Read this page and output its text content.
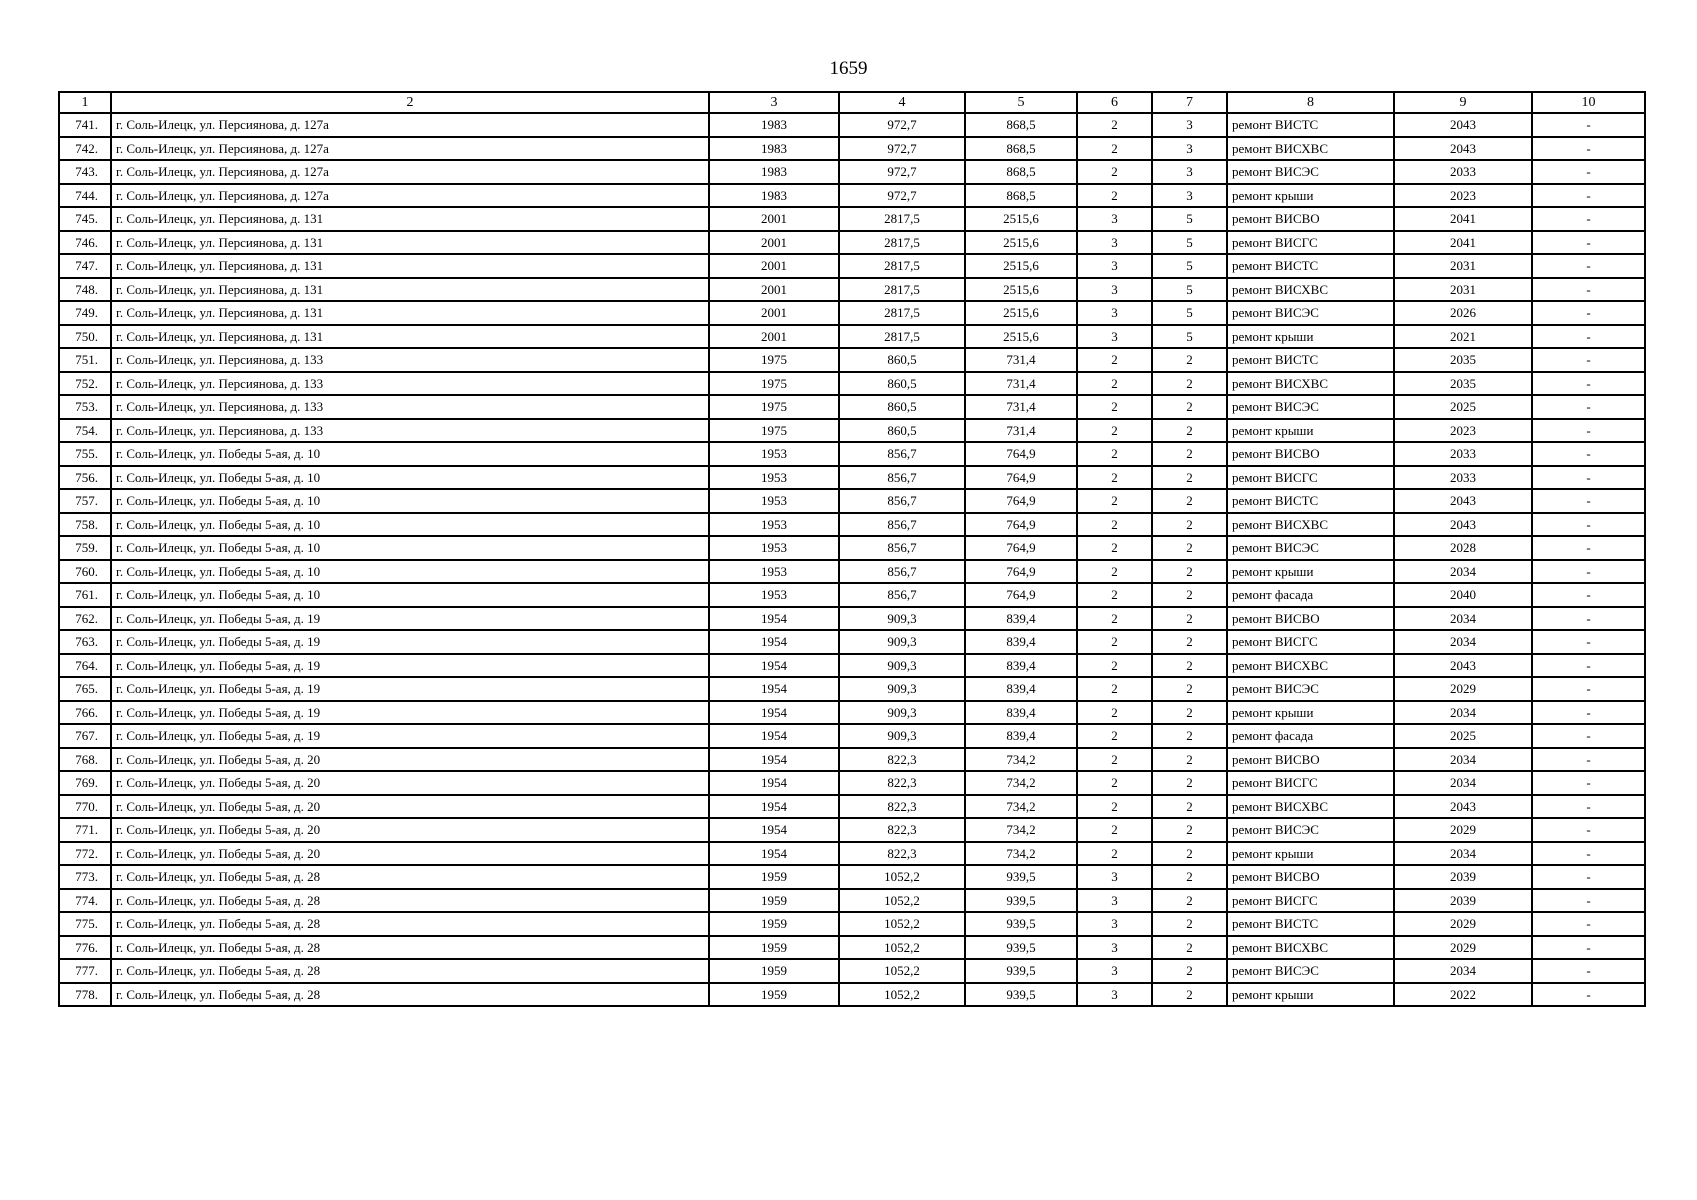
1659
1	2	3	4	5	6	7	8	9	10
741.	г. Соль-Илецк, ул. Персиянова, д. 127а	1983	972,7	868,5	2	3	ремонт ВИСТС	2043	-
742.	г. Соль-Илецк, ул. Персиянова, д. 127а	1983	972,7	868,5	2	3	ремонт ВИСХВС	2043	-
743.	г. Соль-Илецк, ул. Персиянова, д. 127а	1983	972,7	868,5	2	3	ремонт ВИСЭС	2033	-
744.	г. Соль-Илецк, ул. Персиянова, д. 127а	1983	972,7	868,5	2	3	ремонт крыши	2023	-
745.	г. Соль-Илецк, ул. Персиянова, д. 131	2001	2817,5	2515,6	3	5	ремонт ВИСВО	2041	-
746.	г. Соль-Илецк, ул. Персиянова, д. 131	2001	2817,5	2515,6	3	5	ремонт ВИСГС	2041	-
747.	г. Соль-Илецк, ул. Персиянова, д. 131	2001	2817,5	2515,6	3	5	ремонт ВИСТС	2031	-
748.	г. Соль-Илецк, ул. Персиянова, д. 131	2001	2817,5	2515,6	3	5	ремонт ВИСХВС	2031	-
749.	г. Соль-Илецк, ул. Персиянова, д. 131	2001	2817,5	2515,6	3	5	ремонт ВИСЭС	2026	-
750.	г. Соль-Илецк, ул. Персиянова, д. 131	2001	2817,5	2515,6	3	5	ремонт крыши	2021	-
751.	г. Соль-Илецк, ул. Персиянова, д. 133	1975	860,5	731,4	2	2	ремонт ВИСТС	2035	-
752.	г. Соль-Илецк, ул. Персиянова, д. 133	1975	860,5	731,4	2	2	ремонт ВИСХВС	2035	-
753.	г. Соль-Илецк, ул. Персиянова, д. 133	1975	860,5	731,4	2	2	ремонт ВИСЭС	2025	-
754.	г. Соль-Илецк, ул. Персиянова, д. 133	1975	860,5	731,4	2	2	ремонт крыши	2023	-
755.	г. Соль-Илецк, ул. Победы 5-ая, д. 10	1953	856,7	764,9	2	2	ремонт ВИСВО	2033	-
756.	г. Соль-Илецк, ул. Победы 5-ая, д. 10	1953	856,7	764,9	2	2	ремонт ВИСГС	2033	-
757.	г. Соль-Илецк, ул. Победы 5-ая, д. 10	1953	856,7	764,9	2	2	ремонт ВИСТС	2043	-
758.	г. Соль-Илецк, ул. Победы 5-ая, д. 10	1953	856,7	764,9	2	2	ремонт ВИСХВС	2043	-
759.	г. Соль-Илецк, ул. Победы 5-ая, д. 10	1953	856,7	764,9	2	2	ремонт ВИСЭС	2028	-
760.	г. Соль-Илецк, ул. Победы 5-ая, д. 10	1953	856,7	764,9	2	2	ремонт крыши	2034	-
761.	г. Соль-Илецк, ул. Победы 5-ая, д. 10	1953	856,7	764,9	2	2	ремонт фасада	2040	-
762.	г. Соль-Илецк, ул. Победы 5-ая, д. 19	1954	909,3	839,4	2	2	ремонт ВИСВО	2034	-
763.	г. Соль-Илецк, ул. Победы 5-ая, д. 19	1954	909,3	839,4	2	2	ремонт ВИСГС	2034	-
764.	г. Соль-Илецк, ул. Победы 5-ая, д. 19	1954	909,3	839,4	2	2	ремонт ВИСХВС	2043	-
765.	г. Соль-Илецк, ул. Победы 5-ая, д. 19	1954	909,3	839,4	2	2	ремонт ВИСЭС	2029	-
766.	г. Соль-Илецк, ул. Победы 5-ая, д. 19	1954	909,3	839,4	2	2	ремонт крыши	2034	-
767.	г. Соль-Илецк, ул. Победы 5-ая, д. 19	1954	909,3	839,4	2	2	ремонт фасада	2025	-
768.	г. Соль-Илецк, ул. Победы 5-ая, д. 20	1954	822,3	734,2	2	2	ремонт ВИСВО	2034	-
769.	г. Соль-Илецк, ул. Победы 5-ая, д. 20	1954	822,3	734,2	2	2	ремонт ВИСГС	2034	-
770.	г. Соль-Илецк, ул. Победы 5-ая, д. 20	1954	822,3	734,2	2	2	ремонт ВИСХВС	2043	-
771.	г. Соль-Илецк, ул. Победы 5-ая, д. 20	1954	822,3	734,2	2	2	ремонт ВИСЭС	2029	-
772.	г. Соль-Илецк, ул. Победы 5-ая, д. 20	1954	822,3	734,2	2	2	ремонт крыши	2034	-
773.	г. Соль-Илецк, ул. Победы 5-ая, д. 28	1959	1052,2	939,5	3	2	ремонт ВИСВО	2039	-
774.	г. Соль-Илецк, ул. Победы 5-ая, д. 28	1959	1052,2	939,5	3	2	ремонт ВИСГС	2039	-
775.	г. Соль-Илецк, ул. Победы 5-ая, д. 28	1959	1052,2	939,5	3	2	ремонт ВИСТС	2029	-
776.	г. Соль-Илецк, ул. Победы 5-ая, д. 28	1959	1052,2	939,5	3	2	ремонт ВИСХВС	2029	-
777.	г. Соль-Илецк, ул. Победы 5-ая, д. 28	1959	1052,2	939,5	3	2	ремонт ВИСЭС	2034	-
778.	г. Соль-Илецк, ул. Победы 5-ая, д. 28	1959	1052,2	939,5	3	2	ремонт крыши	2022	-
